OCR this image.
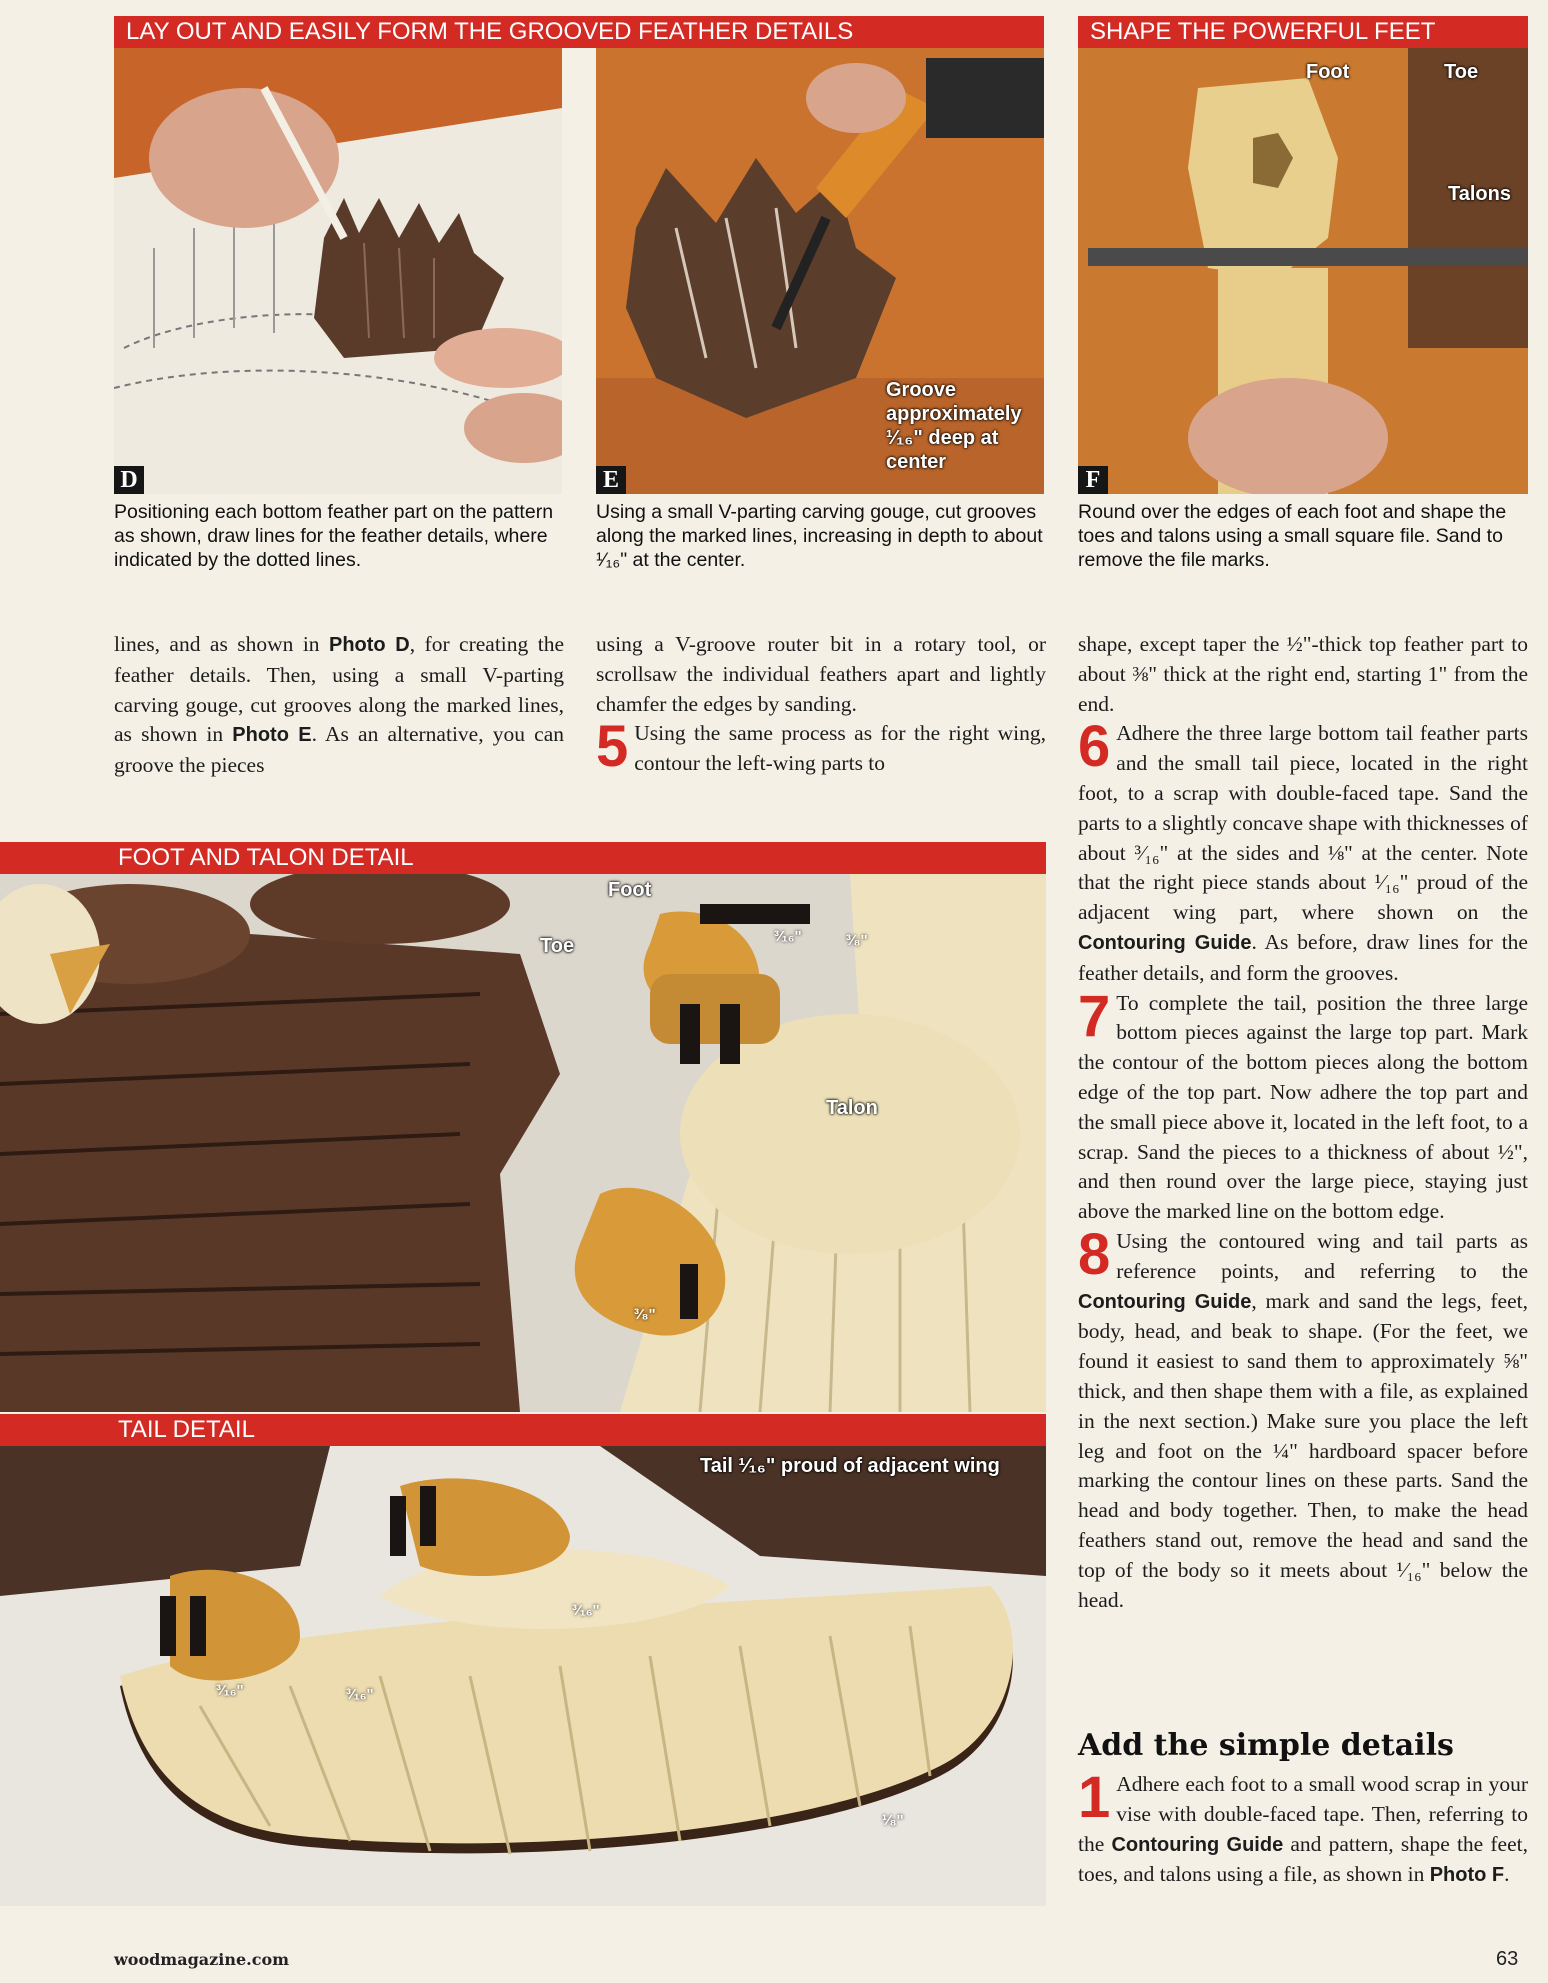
LAY OUT AND EASILY FORM THE GROOVED FEATHER DETAILS	SHAPE THE POWERFUL FEET
D
Positioning each bottom feather part on the pattern as shown, draw lines for the feather details, where indicated by the dotted lines.
Groove approximately ¹⁄₁₆" deep at center
E
Using a small V-parting carving gouge, cut grooves along the marked lines, increasing in depth to about ¹⁄₁₆" at the center.
Foot	Toe
Talons
F
Round over the edges of each foot and shape the toes and talons using a small square file. Sand to remove the file marks.

lines, and as shown in Photo D, for creating the feather details. Then, using a small V-parting carving gouge, cut grooves along the marked lines, as shown in Photo E. As an alternative, you can groove the pieces

using a V-groove router bit in a rotary tool, or scrollsaw the individual feathers apart and lightly chamfer the edges by sanding.

5 Using the same process as for the right wing, contour the left-wing parts to

shape, except taper the ½"-thick top feather part to about ⅜" thick at the right end, starting 1" from the end.

6 Adhere the three large bottom tail feather parts and the small tail piece, located in the right foot, to a scrap with double-faced tape. Sand the parts to a slightly concave shape with thicknesses of about ³⁄₁₆" at the sides and ⅛" at the center. Note that the right piece stands about ¹⁄₁₆" proud of the adjacent wing part, where shown on the Contouring Guide. As before, draw lines for the feather details, and form the grooves.

7 To complete the tail, position the three large bottom pieces against the large top part. Mark the contour of the bottom pieces along the bottom edge of the top part. Now adhere the top part and the small piece above it, located in the left foot, to a scrap. Sand the pieces to a thickness of about ½", and then round over the large piece, staying just above the marked line on the bottom edge.

8 Using the contoured wing and tail parts as reference points, and referring to the Contouring Guide, mark and sand the legs, feet, body, head, and beak to shape. (For the feet, we found it easiest to sand them to approximately ⅝" thick, and then shape them with a file, as explained in the next section.) Make sure you place the left leg and foot on the ¼" hardboard spacer before marking the contour lines on these parts. Sand the head and body together. Then, to make the head feathers stand out, remove the head and sand the top of the body so it meets about ¹⁄₁₆" below the head.

Add the simple details

1 Adhere each foot to a small wood scrap in your vise with double-faced tape. Then, referring to the Contouring Guide and pattern, shape the feet, toes, and talons using a file, as shown in Photo F.

FOOT AND TALON DETAIL
Foot
Toe
Talon
³⁄₁₆"	³⁄₈"
³⁄₈"
TAIL DETAIL
Tail ¹⁄₁₆" proud of adjacent wing
³⁄₁₆"
³⁄₁₆"	³⁄₁₆"
¹⁄₈"
woodmagazine.com	63
